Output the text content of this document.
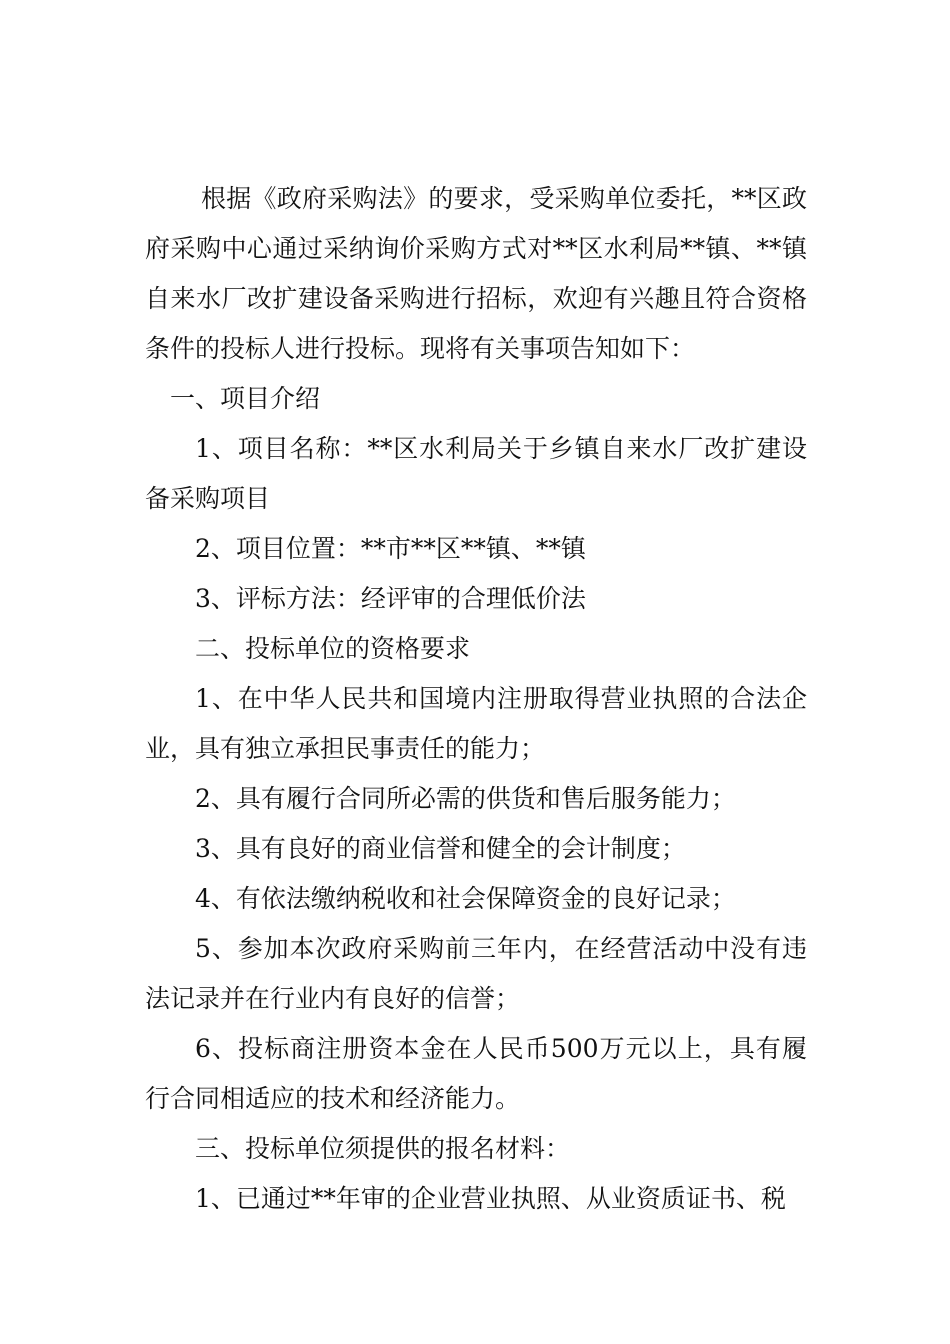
根据《政府采购法》的要求，受采购单位委托，**区政府采购中心通过采纳询价采购方式对**区水利局**镇、**镇自来水厂改扩建设备采购进行招标，欢迎有兴趣且符合资格条件的投标人进行投标。现将有关事项告知如下：

一、项目介绍

1、项目名称：**区水利局关于乡镇自来水厂改扩建设备采购项目

2、项目位置：**市**区**镇、**镇

3、评标方法：经评审的合理低价法

二、投标单位的资格要求

1、在中华人民共和国境内注册取得营业执照的合法企业，具有独立承担民事责任的能力；

2、具有履行合同所必需的供货和售后服务能力；

3、具有良好的商业信誉和健全的会计制度；

4、有依法缴纳税收和社会保障资金的良好记录；

5、参加本次政府采购前三年内，在经营活动中没有违法记录并在行业内有良好的信誉；

6、投标商注册资本金在人民币500万元以上，具有履行合同相适应的技术和经济能力。

三、投标单位须提供的报名材料：

1、已通过**年审的企业营业执照、从业资质证书、税
